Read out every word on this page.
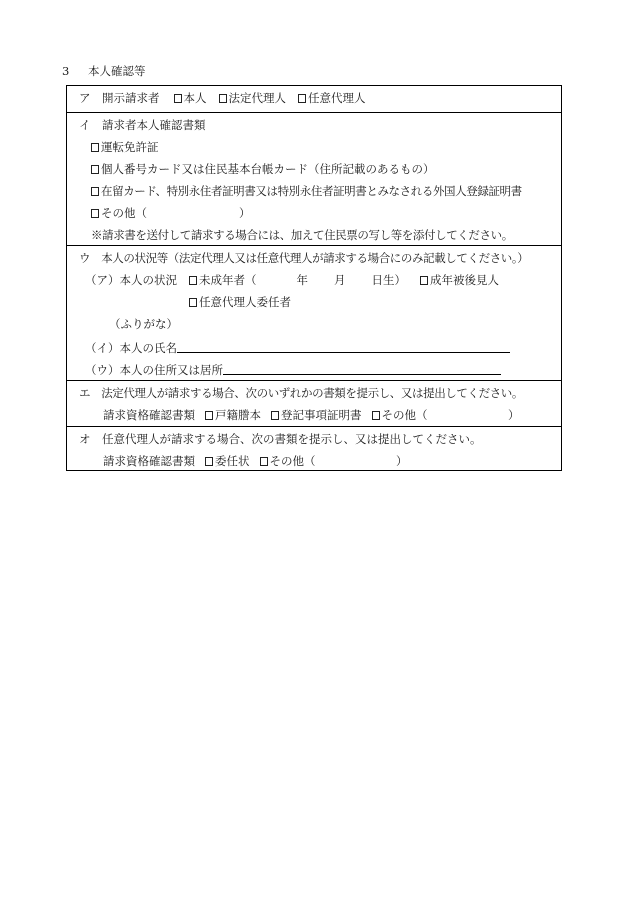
3 本人確認等
ア　開示請求者 本人 法定代理人 任意代理人
イ　請求者本人確認書類
運転免許証
個人番号カード又は住民基本台帳カード（住所記載のあるもの）
在留カード、特別永住者証明書又は特別永住者証明書とみなされる外国人登録証明書
その他（　　　　　　　　）
※請求書を送付して請求する場合には、加えて住民票の写し等を添付してください。
ウ　本人の状況等（法定代理人又は任意代理人が請求する場合にのみ記載してください。）
（ア）本人の状況 未成年者（	年 月 日生） 成年被後見人
任意代理人委任者
（ふりがな）
（イ）本人の氏名
（ウ）本人の住所又は居所
エ　法定代理人が請求する場合、次のいずれかの書類を提示し、又は提出してください。
請求資格確認書類 戸籍謄本 登記事項証明書 その他（　　　　　　　）
オ　任意代理人が請求する場合、次の書類を提示し、又は提出してください。
請求資格確認書類 委任状 その他（　　　　　　　）
